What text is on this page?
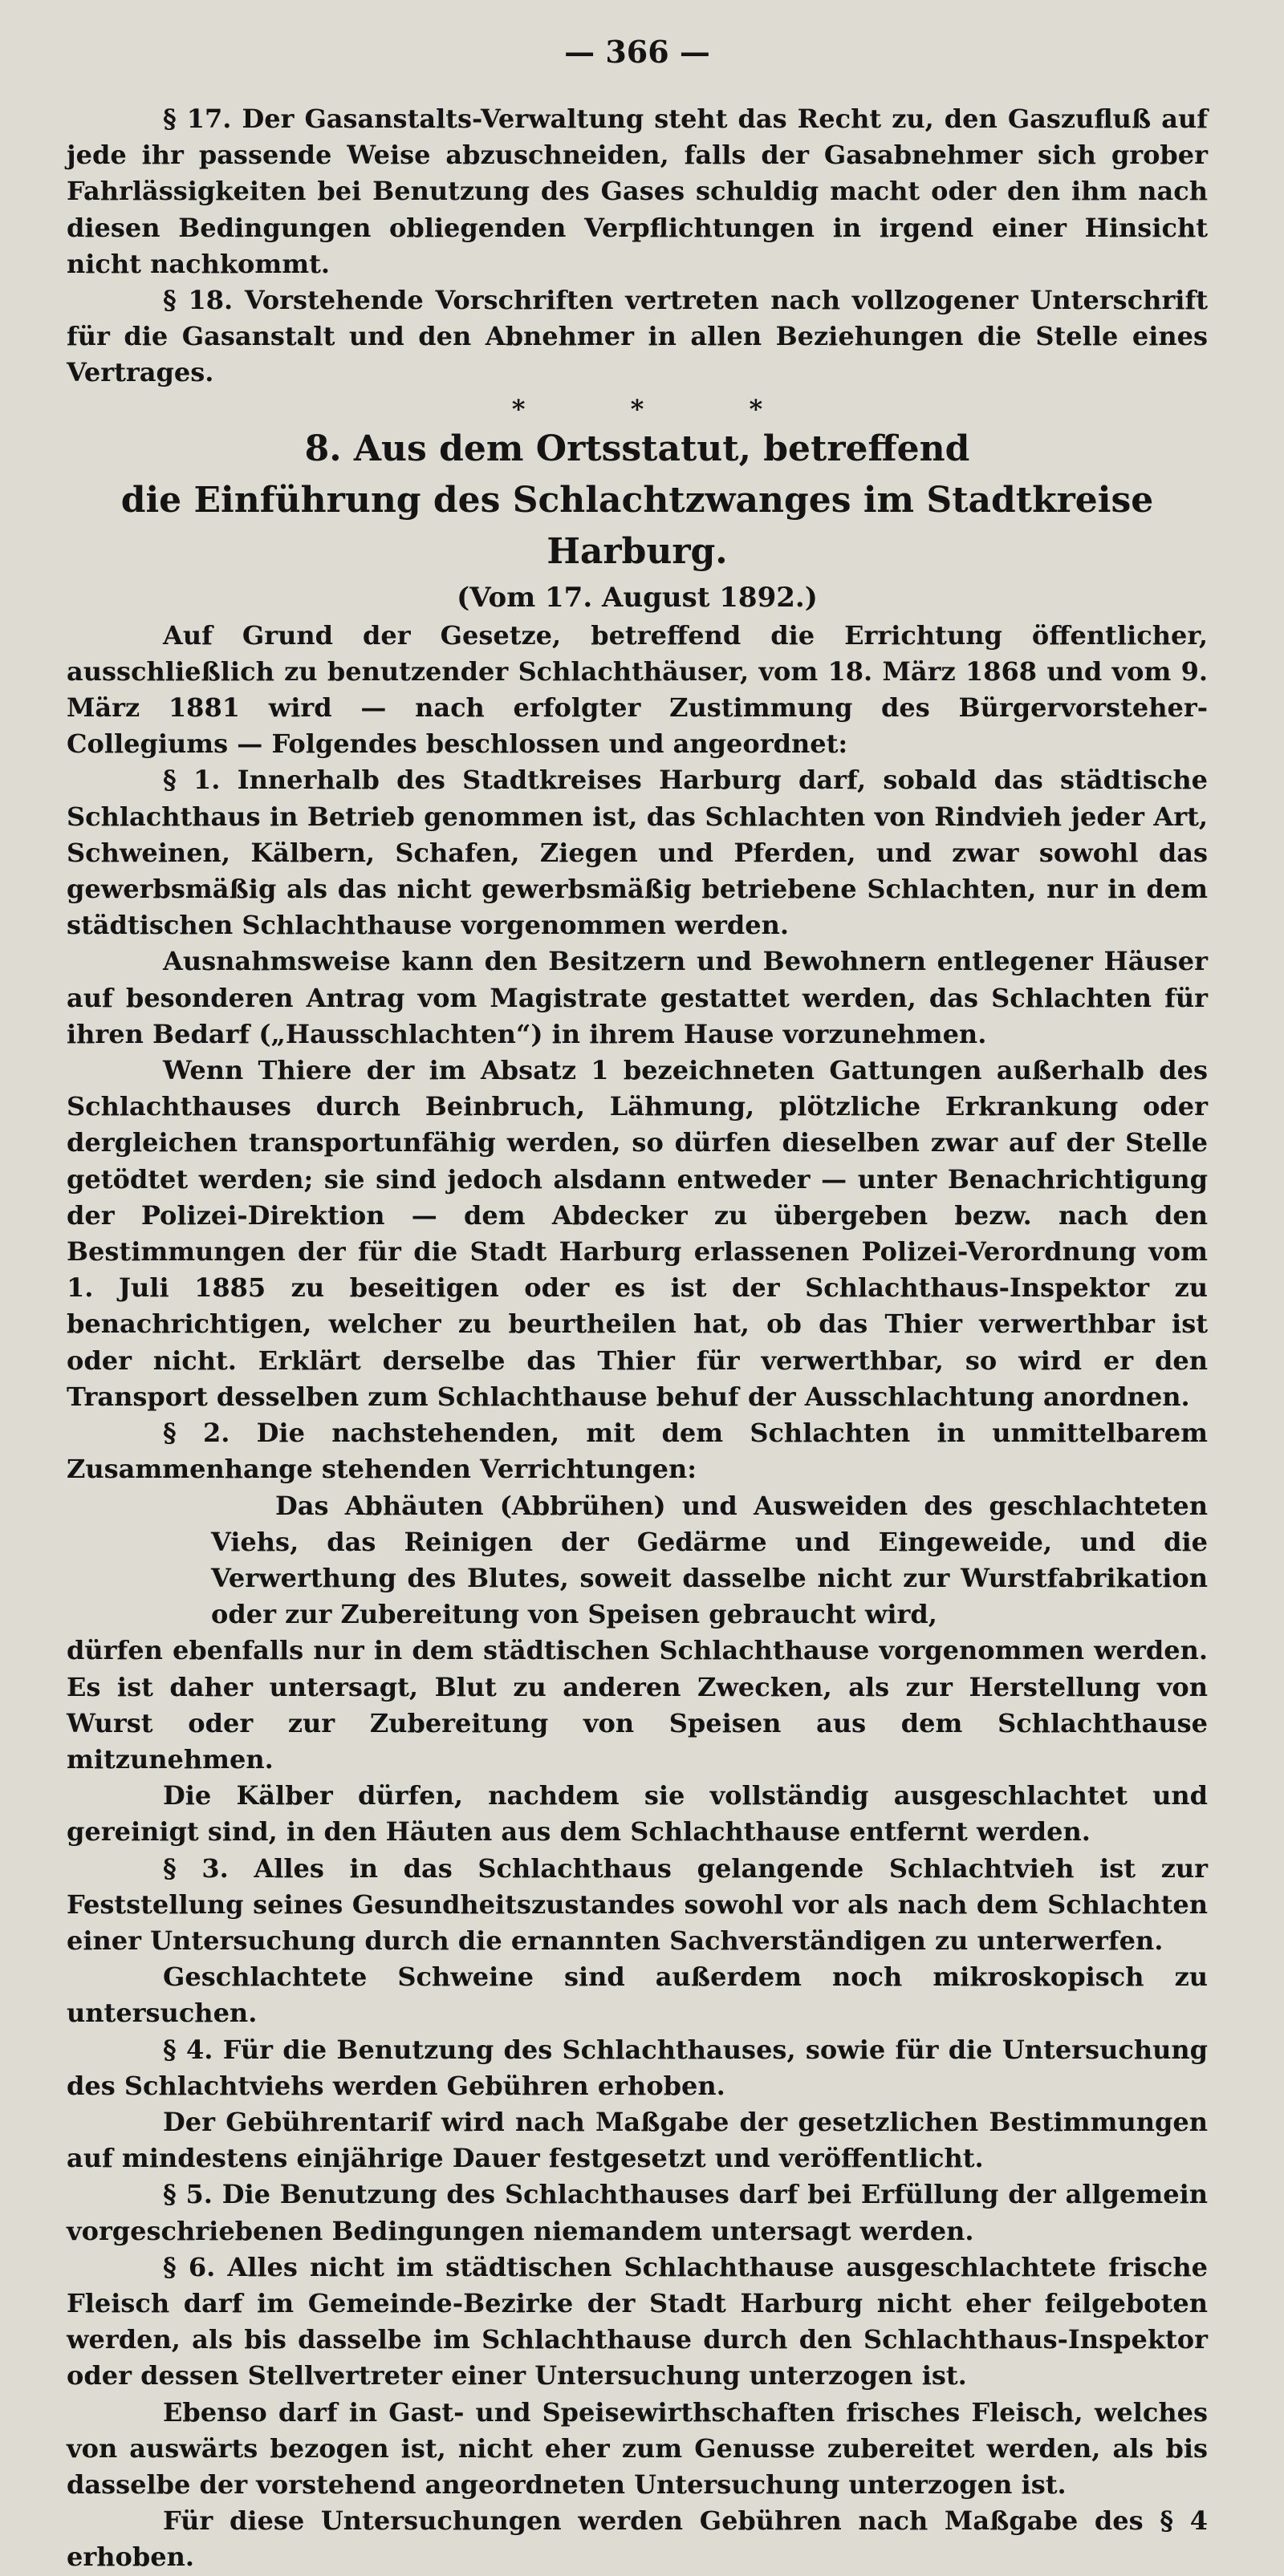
— 366 —

§ 17. Der Gasanstalts-Verwaltung steht das Recht zu, den Gaszufluß auf jede ihr passende Weise abzuschneiden, falls der Gasabnehmer sich grober Fahrlässigkeiten bei Benutzung des Gases schuldig macht oder den ihm nach diesen Bedingungen obliegenden Verpflichtungen in irgend einer Hinsicht nicht nachkommt.

§ 18. Vorstehende Vorschriften vertreten nach vollzogener Unterschrift für die Gasanstalt und den Abnehmer in allen Beziehungen die Stelle eines Vertrages.

* * *
8. Aus dem Ortsstatut, betreffend
die Einführung des Schlachtzwanges im Stadtkreise Harburg.
(Vom 17. August 1892.)

Auf Grund der Gesetze, betreffend die Errichtung öffentlicher, ausschließlich zu benutzender Schlachthäuser, vom 18. März 1868 und vom 9. März 1881 wird — nach erfolgter Zustimmung des Bürgervorsteher-Collegiums — Folgendes beschlossen und angeordnet:

§ 1. Innerhalb des Stadtkreises Harburg darf, sobald das städtische Schlachthaus in Betrieb genommen ist, das Schlachten von Rindvieh jeder Art, Schweinen, Kälbern, Schafen, Ziegen und Pferden, und zwar sowohl das gewerbsmäßig als das nicht gewerbsmäßig betriebene Schlachten, nur in dem städtischen Schlachthause vorgenommen werden.

Ausnahmsweise kann den Besitzern und Bewohnern entlegener Häuser auf besonderen Antrag vom Magistrate gestattet werden, das Schlachten für ihren Bedarf („Hausschlachten“) in ihrem Hause vorzunehmen.

Wenn Thiere der im Absatz 1 bezeichneten Gattungen außerhalb des Schlachthauses durch Beinbruch, Lähmung, plötzliche Erkrankung oder dergleichen transportunfähig werden, so dürfen dieselben zwar auf der Stelle getödtet werden; sie sind jedoch alsdann entweder — unter Benachrichtigung der Polizei-Direktion — dem Abdecker zu übergeben bezw. nach den Bestimmungen der für die Stadt Harburg erlassenen Polizei-Verordnung vom 1. Juli 1885 zu beseitigen oder es ist der Schlachthaus-Inspektor zu benachrichtigen, welcher zu beurtheilen hat, ob das Thier verwerthbar ist oder nicht. Erklärt derselbe das Thier für verwerthbar, so wird er den Transport desselben zum Schlachthause behuf der Ausschlachtung anordnen.

§ 2. Die nachstehenden, mit dem Schlachten in unmittelbarem Zusammenhange stehenden Verrichtungen:

Das Abhäuten (Abbrühen) und Ausweiden des geschlachteten Viehs, das Reinigen der Gedärme und Eingeweide, und die Verwerthung des Blutes, soweit dasselbe nicht zur Wurstfabrikation oder zur Zubereitung von Speisen gebraucht wird,

dürfen ebenfalls nur in dem städtischen Schlachthause vorgenommen werden. Es ist daher untersagt, Blut zu anderen Zwecken, als zur Herstellung von Wurst oder zur Zubereitung von Speisen aus dem Schlachthause mitzunehmen.

Die Kälber dürfen, nachdem sie vollständig ausgeschlachtet und gereinigt sind, in den Häuten aus dem Schlachthause entfernt werden.

§ 3. Alles in das Schlachthaus gelangende Schlachtvieh ist zur Feststellung seines Gesundheitszustandes sowohl vor als nach dem Schlachten einer Untersuchung durch die ernannten Sachverständigen zu unterwerfen.

Geschlachtete Schweine sind außerdem noch mikroskopisch zu untersuchen.

§ 4. Für die Benutzung des Schlachthauses, sowie für die Untersuchung des Schlachtviehs werden Gebühren erhoben.

Der Gebührentarif wird nach Maßgabe der gesetzlichen Bestimmungen auf mindestens einjährige Dauer festgesetzt und veröffentlicht.

§ 5. Die Benutzung des Schlachthauses darf bei Erfüllung der allgemein vorgeschriebenen Bedingungen niemandem untersagt werden.

§ 6. Alles nicht im städtischen Schlachthause ausgeschlachtete frische Fleisch darf im Gemeinde-Bezirke der Stadt Harburg nicht eher feilgeboten werden, als bis dasselbe im Schlachthause durch den Schlachthaus-Inspektor oder dessen Stellvertreter einer Untersuchung unterzogen ist.

Ebenso darf in Gast- und Speisewirthschaften frisches Fleisch, welches von auswärts bezogen ist, nicht eher zum Genusse zubereitet werden, als bis dasselbe der vorstehend angeordneten Untersuchung unterzogen ist.

Für diese Untersuchungen werden Gebühren nach Maßgabe des § 4 erhoben.
